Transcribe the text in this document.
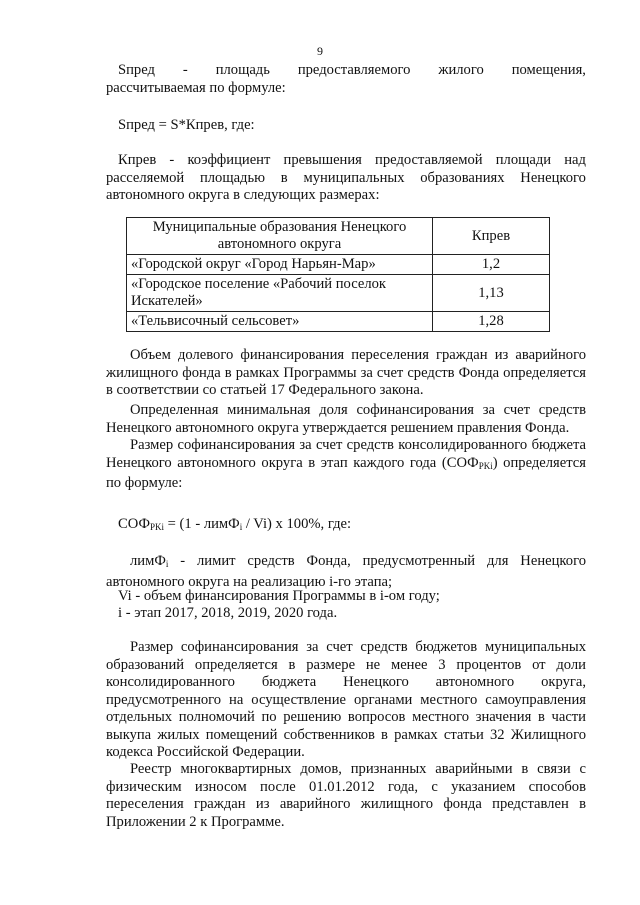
9
Sпред - площадь предоставляемого жилого помещения,
рассчитываемая по формуле:
Sпред = S*Кпрев, где:
Кпрев - коэффициент превышения предоставляемой площади над
расселяемой площадью в муниципальных образованиях Ненецкого
автономного округа в следующих размерах:
Муниципальные образования Ненецкого автономного округа	Кпрев
«Городской округ «Город Нарьян-Мар»	1,2
«Городское поселение «Рабочий поселок Искателей»	1,13
«Тельвисочный сельсовет»	1,28
Объем долевого финансирования переселения граждан из аварийного жилищного фонда в рамках Программы за счет средств Фонда определяется в соответствии со статьей 17 Федерального закона.
Определенная минимальная доля софинансирования за счет средств Ненецкого автономного округа утверждается решением правления Фонда.
Размер софинансирования за счет средств консолидированного бюджета Ненецкого автономного округа в этап каждого года $(СОФ_{PKi})$ определяется по формуле:
$СОФ_{PKi} = (1$ - лимФ$_i$ / Vi) x 100%, где:
лимФ$_i$ - лимит средств Фонда, предусмотренный для Ненецкого автономного округа на реализацию i-го этапа;
Vi - объем финансирования Программы в i-ом году;
i - этап 2017, 2018, 2019, 2020 года.
Размер софинансирования за счет средств бюджетов муниципальных образований определяется в размере не менее 3 процентов от доли консолидированного бюджета Ненецкого автономного округа, предусмотренного на осуществление органами местного самоуправления отдельных полномочий по решению вопросов местного значения в части выкупа жилых помещений собственников в рамках статьи 32 Жилищного кодекса Российской Федерации.
Реестр многоквартирных домов, признанных аварийными в связи с физическим износом после 01.01.2012 года, с указанием способов переселения граждан из аварийного жилищного фонда представлен в Приложении 2 к Программе.
